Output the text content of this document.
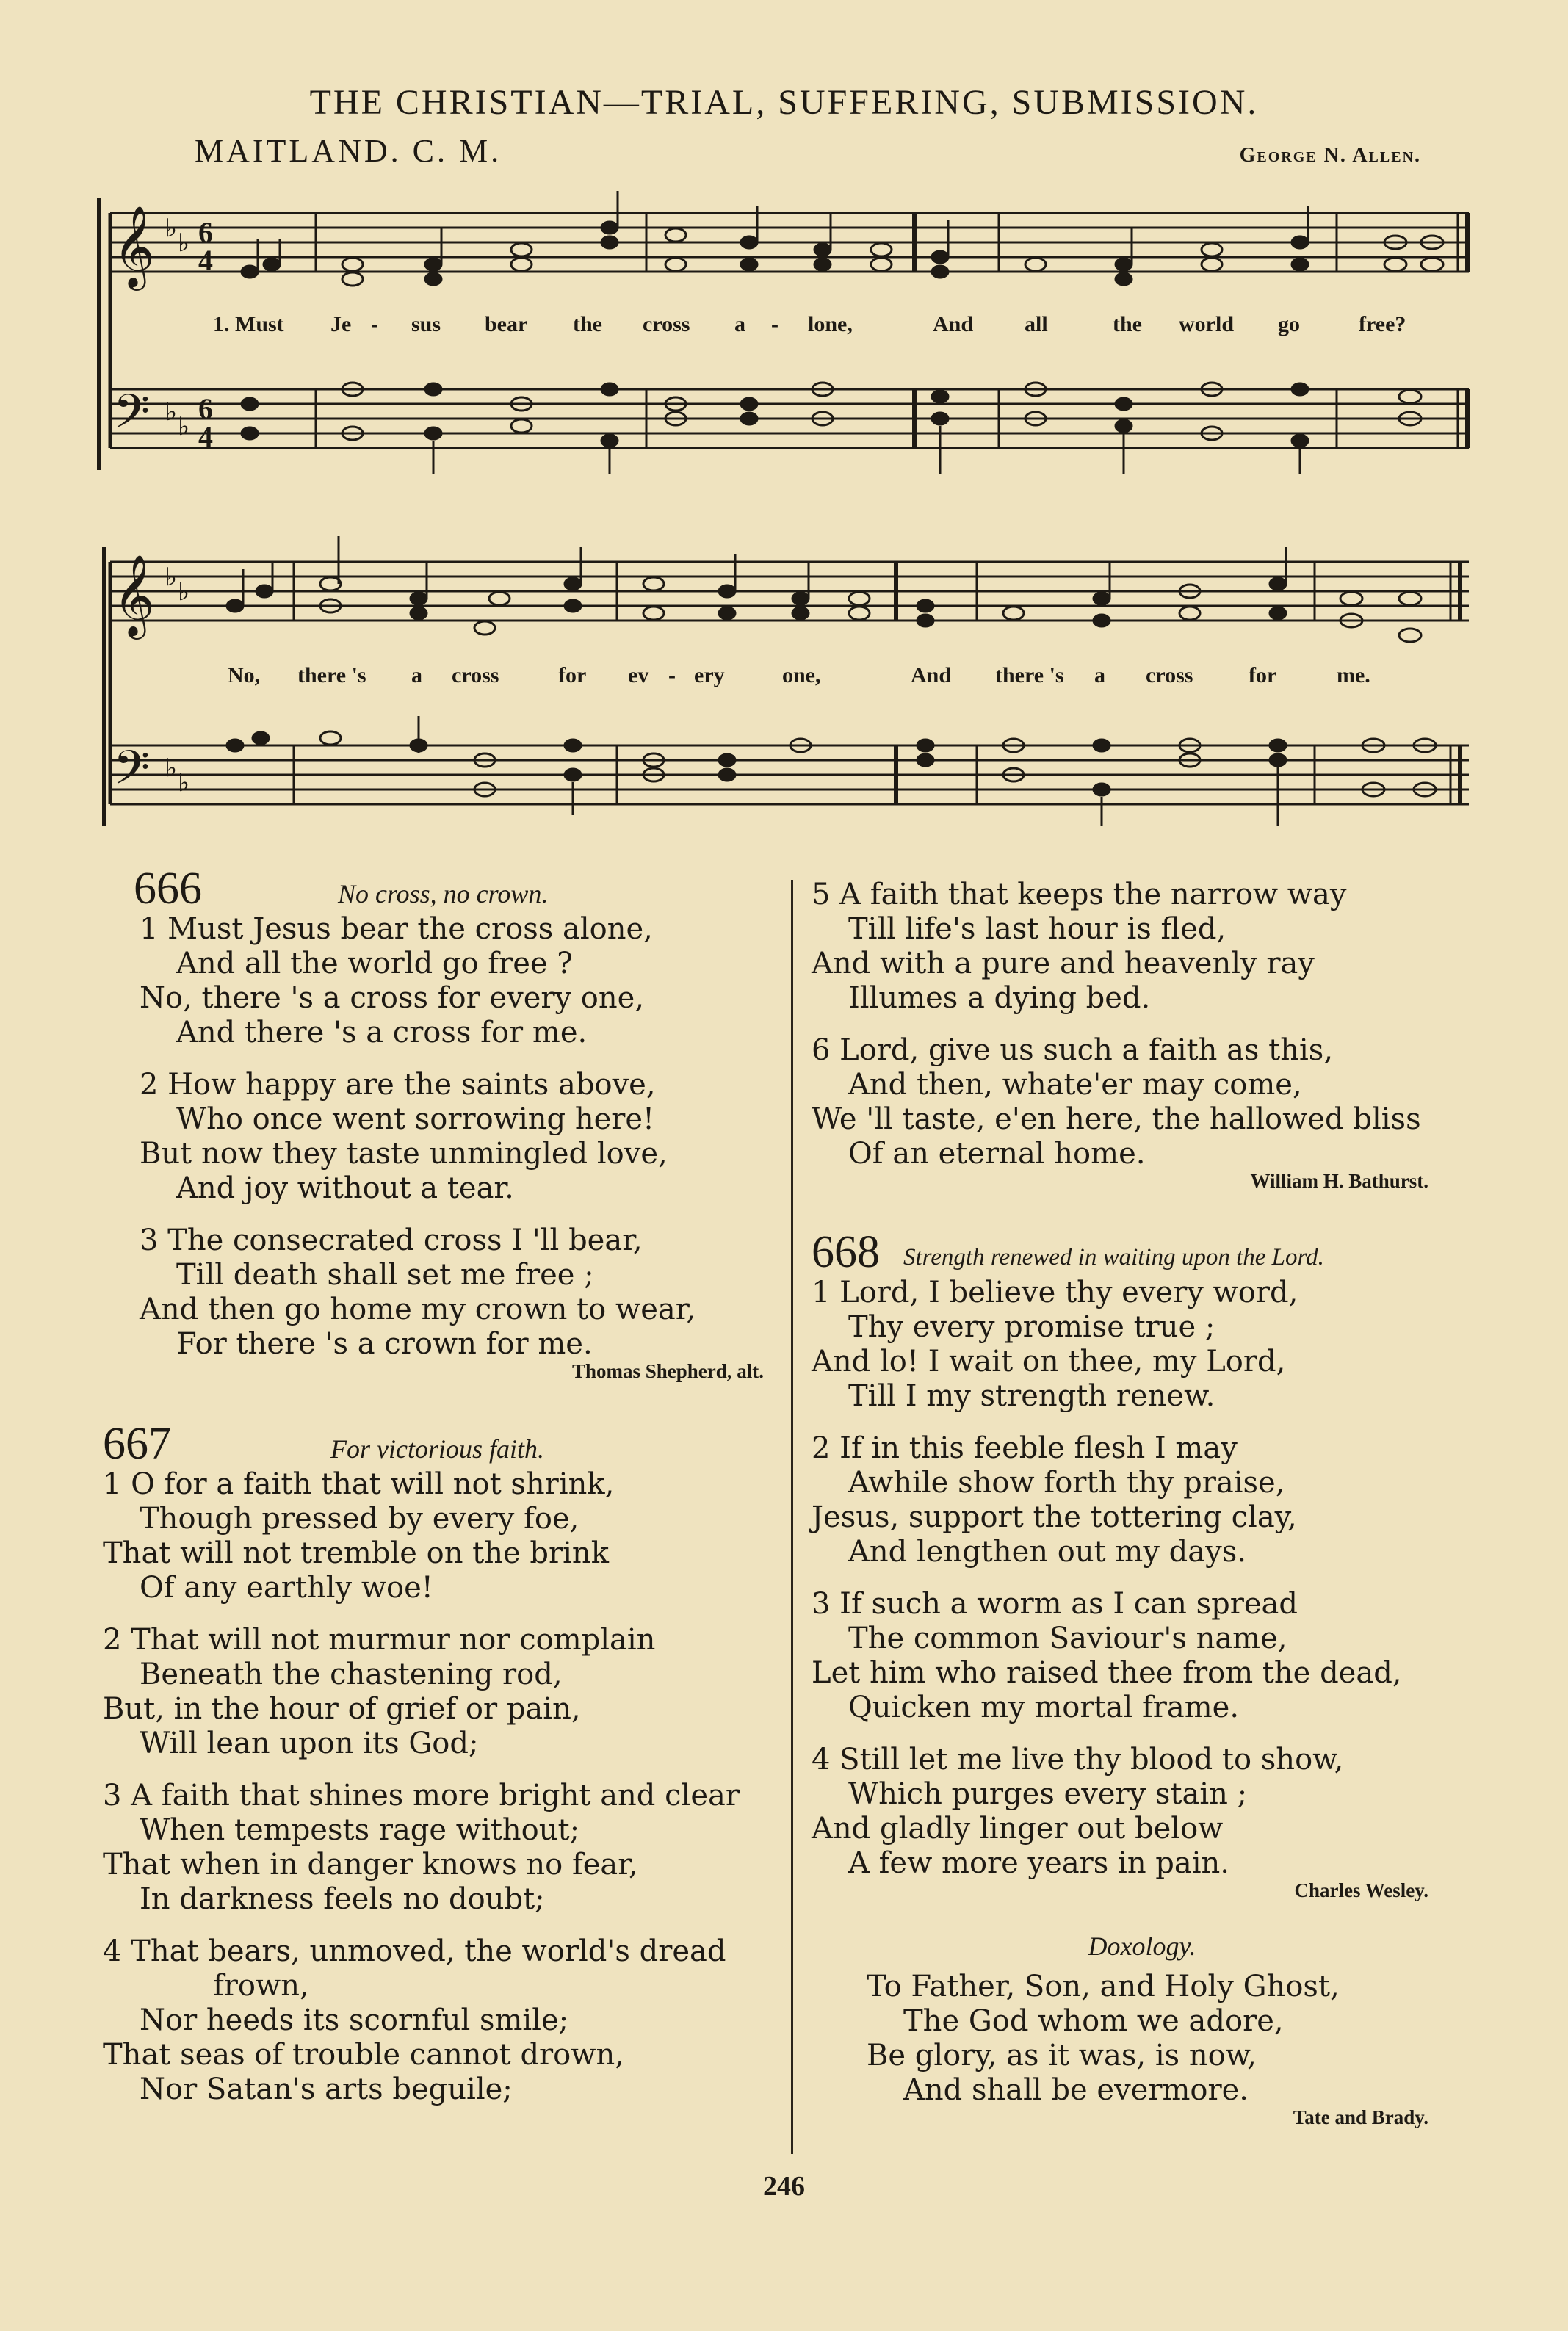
THE CHRISTIAN—TRIAL, SUFFERING, SUBMISSION.
MAITLAND. C. M.	George N. Allen.
𝄞
𝄢
♭ ♭
♭ ♭
6
4
6
4
1. Must Je - sus bear the cross a - lone,	And all	the world go	free?
𝄞
𝄢
♭ ♭
♭ ♭
No, there 's a cross	for ev - ery	one,	And there 's a cross	for	me.
666	No cross, no crown.
1 Must Jesus bear the cross alone,
And all the world go free ?
No, there 's a cross for every one,
And there 's a cross for me.
2 How happy are the saints above,
Who once went sorrowing here!
But now they taste unmingled love,
And joy without a tear.
3 The consecrated cross I 'll bear,
Till death shall set me free ;
And then go home my crown to wear,
For there 's a crown for me.
Thomas Shepherd, alt.
667	For victorious faith.
1 O for a faith that will not shrink,
Though pressed by every foe,
That will not tremble on the brink
Of any earthly woe!
2 That will not murmur nor complain
Beneath the chastening rod,
But, in the hour of grief or pain,
Will lean upon its God;
3 A faith that shines more bright and clear
When tempests rage without;
That when in danger knows no fear,
In darkness feels no doubt;
4 That bears, unmoved, the world's dread
frown,
Nor heeds its scornful smile;
That seas of trouble cannot drown,
Nor Satan's arts beguile;
5 A faith that keeps the narrow way
Till life's last hour is fled,
And with a pure and heavenly ray
Illumes a dying bed.
6 Lord, give us such a faith as this,
And then, whate'er may come,
We 'll taste, e'en here, the hallowed bliss
Of an eternal home.
William H. Bathurst.
668 Strength renewed in waiting upon the Lord.
1 Lord, I believe thy every word,
Thy every promise true ;
And lo! I wait on thee, my Lord,
Till I my strength renew.
2 If in this feeble flesh I may
Awhile show forth thy praise,
Jesus, support the tottering clay,
And lengthen out my days.
3 If such a worm as I can spread
The common Saviour's name,
Let him who raised thee from the dead,
Quicken my mortal frame.
4 Still let me live thy blood to show,
Which purges every stain ;
And gladly linger out below
A few more years in pain.
Charles Wesley.
Doxology.
To Father, Son, and Holy Ghost,
The God whom we adore,
Be glory, as it was, is now,
And shall be evermore.
Tate and Brady.
246
